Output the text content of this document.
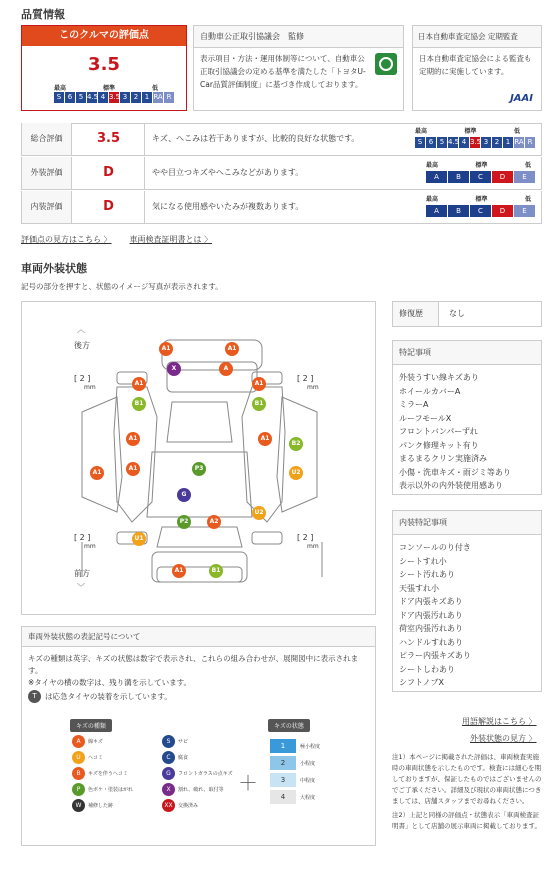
品質情報
このクルマの評価点
3.5
最高	標準	低
S 6 5 4.5 4 3.5 3 2 1 RA R
自動車公正取引協議会　監修
表示項目・方法・運用体制等について、自動車公正取引協議会の定める基準を満たした「トヨタU-Car品質評価制度」に基づき作成しております。
日本自動車査定協会 定期監査
日本自動車査定協会による監査も定期的に実施しています。
JAAI
総合評価	3.5	キズ、へこみは若干ありますが、比較的良好な状態です。
最高	標準	低
S 6 5 4.5 4 3.5 3 2 1 RA R
外装評価	D	やや目立つキズやへこみなどがあります。
最高	標準	低
A	B	C	D	E
内装評価	D	気になる使用感やいたみが複数あります。
最高	標準	低
A	B	C	D	E
評価点の見方はこちら 〉 車両検査証明書とは 〉
車両外装状態
記号の部分を押すと、状態のイメージ写真が表示されます。
︿
後方
前方
﹀
[ 2 ]
mm
[ 2 ]
mm
[ 2 ]
mm
[ 2 ]
mm
A1	A1
X	A
A1	A1
B1	B1
A1	A1
B2
A1
A1
U2
P3
G
P2	A2
U2
U1
A1	B1
修復歴	なし
特記事項
外装うすい線キズあり
ホイールカバーA
ミラーA
ルーフモールX
フロントバンパーずれ
パンク修理キット有り
まるまるクリン実施済み
小傷・洗車キズ・雨ジミ等あり
表示以外の内外装使用感あり
内装特記事項
コンソールのり付き
シートすれ小
シート汚れあり
天張すれ小
ドア内張キズあり
ドア内張汚れあり
荷室内張汚れあり
ハンドルすれあり
ピラー内張キズあり
シートしわあり
シフトノブX
用語解説はこちら 〉
外装状態の見方 〉
注1）本ページに掲載された評価は、車両検査実施時の車両状態を示したものです。検査には細心を期しておりますが、保証したものではございませんのでご了承ください。詳細及び現状の車両状態につきましては、店舗スタッフまでお尋ねください。
注2）上記と同様の評価点・状態表示「車両検査証明書」として店舗の展示車両に掲載しております。
車両外装状態の表記記号について
キズの種類は英字、キズの状態は数字で表示され、これらの組み合わせが、展開図中に表示されます。
※タイヤの横の数字は、残り溝を示しています。
T	は応急タイヤの装着を示しています。
キズの種類
A	線キズ	S	サビ
U	へコミ	C	腐食
B	キズを伴うへコミ	G	フロントガラスの点キズ
P	色ボケ・塗装はがれ	X	割れ、破れ、取付等
W	補修した跡	XX	交換済み
＋
キズの状態
1	極小程度
2	小程度
3	中程度
4	大程度
